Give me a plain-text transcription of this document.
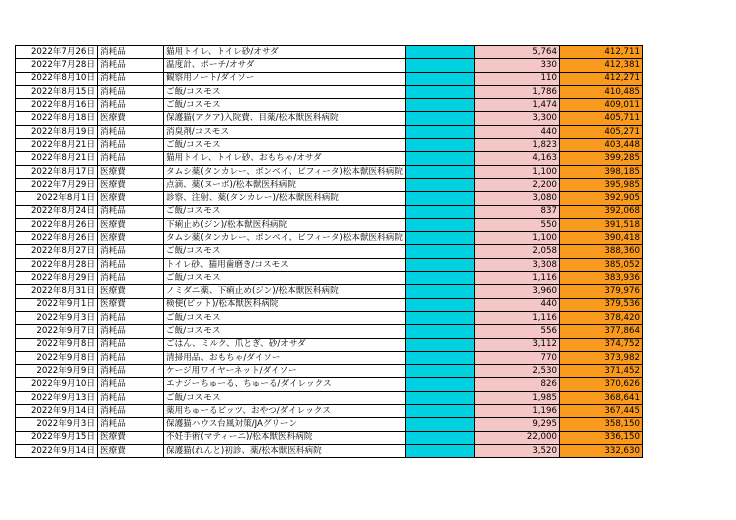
2022年7月26日	消耗品	猫用トイレ、トイレ砂/オサダ		5,764	412,711
2022年7月28日	消耗品	温度計、ポーチ/オサダ		330	412,381
2022年8月10日	消耗品	観察用ノート/ダイソー		110	412,271
2022年8月15日	消耗品	ご飯/コスモス		1,786	410,485
2022年8月16日	消耗品	ご飯/コスモス		1,474	409,011
2022年8月18日	医療費	保護猫(アクア)入院費、目薬/松本獣医科病院		3,300	405,711
2022年8月19日	消耗品	消臭剤/コスモス		440	405,271
2022年8月21日	消耗品	ご飯/コスモス		1,823	403,448
2022年8月21日	消耗品	猫用トイレ、トイレ砂、おもちゃ/オサダ		4,163	399,285
2022年8月17日	医療費	タムシ薬(タンカレー、ボンベイ、ビフィータ)松本獣医科病院		1,100	398,185
2022年7月29日	医療費	点滴、薬(ヌーボ)/松本獣医科病院		2,200	395,985
2022年8月1日	医療費	診察、注射、薬(タンカレー)/松本獣医科病院		3,080	392,905
2022年8月24日	消耗品	ご飯/コスモス		837	392,068
2022年8月26日	医療費	下痢止め(ジン)/松本獣医科病院		550	391,518
2022年8月26日	医療費	タムシ薬(タンカレー、ボンベイ、ビフィータ)松本獣医科病院		1,100	390,418
2022年8月27日	消耗品	ご飯/コスモス		2,058	388,360
2022年8月28日	消耗品	トイレ砂、猫用歯磨き/コスモス		3,308	385,052
2022年8月29日	消耗品	ご飯/コスモス		1,116	383,936
2022年8月31日	医療費	ノミダニ薬、下痢止め(ジン)/松本獣医科病院		3,960	379,976
2022年9月1日	医療費	検便(ピット)/松本獣医科病院		440	379,536
2022年9月3日	消耗品	ご飯/コスモス		1,116	378,420
2022年9月7日	消耗品	ご飯/コスモス		556	377,864
2022年9月8日	消耗品	ごはん、ミルク、爪とぎ、砂/オサダ		3,112	374,752
2022年9月8日	消耗品	清掃用品、おもちゃ/ダイソー		770	373,982
2022年9月9日	消耗品	ケージ用ワイヤーネット/ダイソー		2,530	371,452
2022年9月10日	消耗品	エナジーちゅーる、ちゅーる/ダイレックス		826	370,626
2022年9月13日	消耗品	ご飯/コスモス		1,985	368,641
2022年9月14日	消耗品	薬用ちゅーるビッツ、おやつ/ダイレックス		1,196	367,445
2022年9月3日	消耗品	保護猫ハウス台風対策/JAグリーン		9,295	358,150
2022年9月15日	医療費	不妊手術(マティーニ)/松本獣医科病院		22,000	336,150
2022年9月14日	医療費	保護猫(れんと)初診、薬/松本獣医科病院		3,520	332,630
